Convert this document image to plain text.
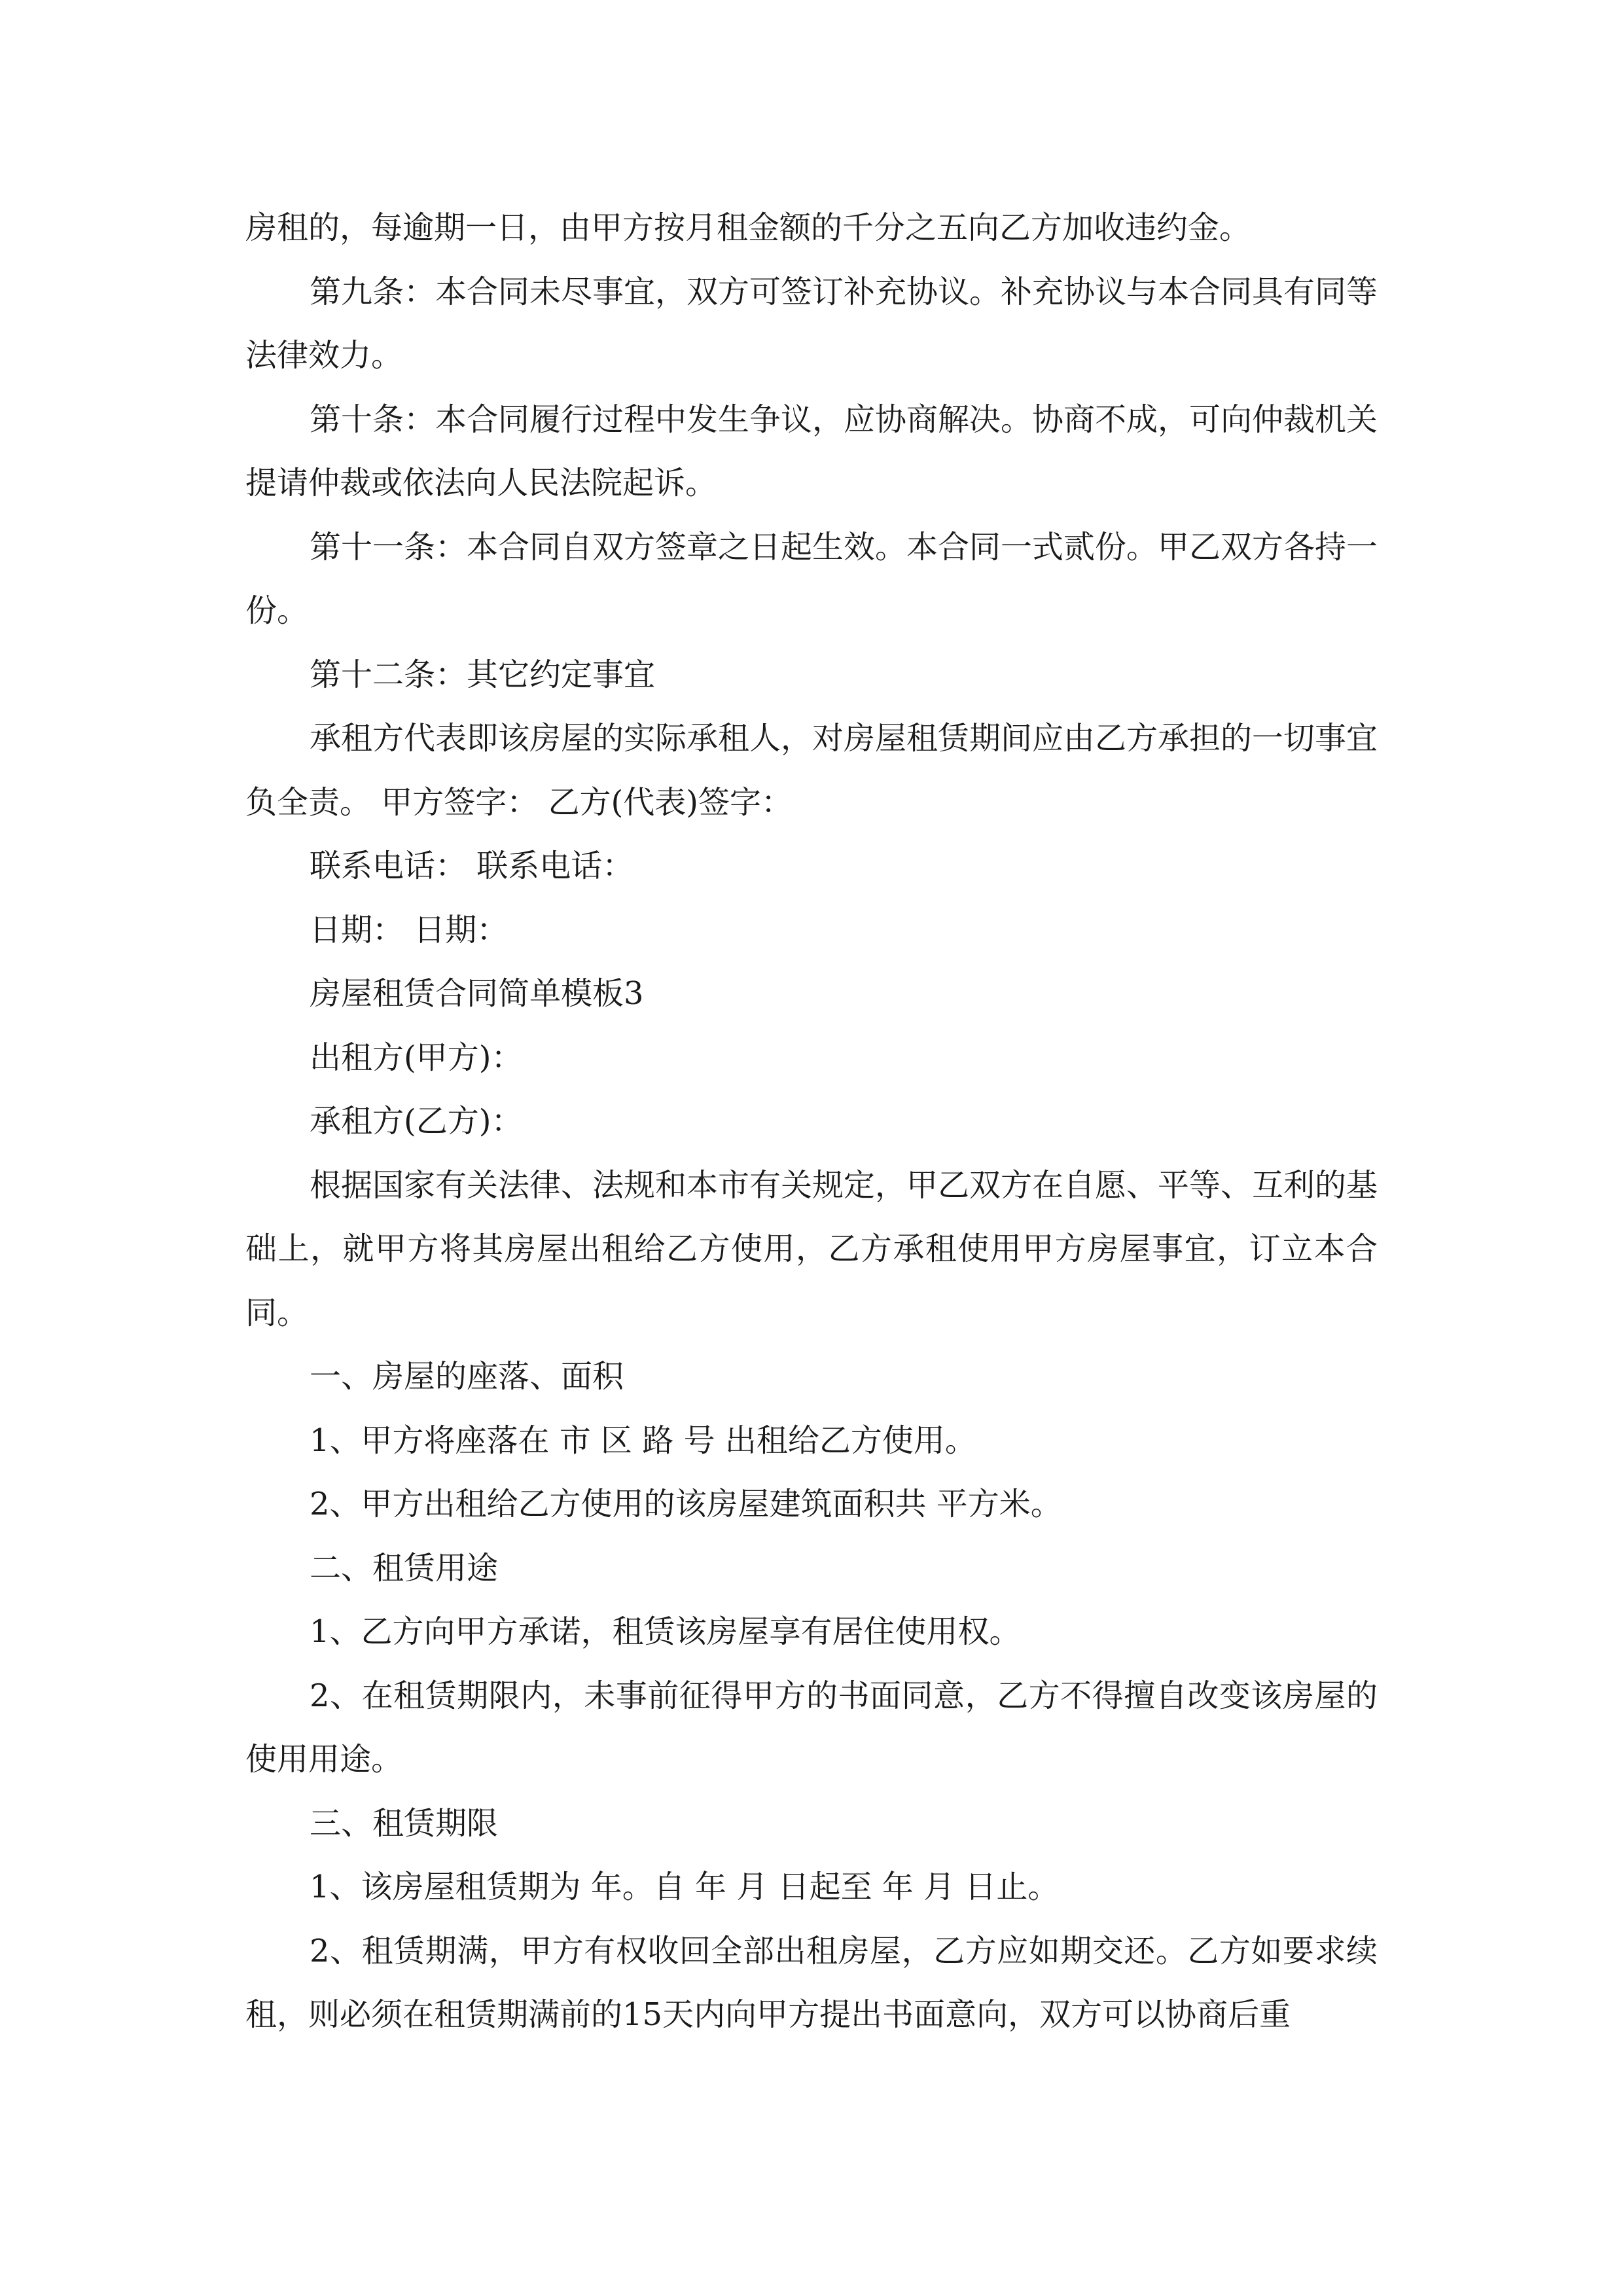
房租的，每逾期一日，由甲方按月租金额的千分之五向乙方加收违约金。

第九条：本合同未尽事宜，双方可签订补充协议。补充协议与本合同具有同等法律效力。

第十条：本合同履行过程中发生争议，应协商解决。协商不成，可向仲裁机关提请仲裁或依法向人民法院起诉。

第十一条：本合同自双方签章之日起生效。本合同一式贰份。甲乙双方各持一份。

第十二条：其它约定事宜

承租方代表即该房屋的实际承租人，对房屋租赁期间应由乙方承担的一切事宜负全责。 甲方签字： 乙方(代表)签字：

联系电话： 联系电话：

日期： 日期：

房屋租赁合同简单模板3

出租方(甲方)：

承租方(乙方)：

根据国家有关法律、法规和本市有关规定，甲乙双方在自愿、平等、互利的基础上，就甲方将其房屋出租给乙方使用，乙方承租使用甲方房屋事宜，订立本合同。

一、房屋的座落、面积

1、甲方将座落在 市 区 路 号 出租给乙方使用。

2、甲方出租给乙方使用的该房屋建筑面积共 平方米。

二、租赁用途

1、乙方向甲方承诺，租赁该房屋享有居住使用权。

2、在租赁期限内，未事前征得甲方的书面同意，乙方不得擅自改变该房屋的使用用途。

三、租赁期限

1、该房屋租赁期为 年。自 年 月 日起至 年 月 日止。

2、租赁期满，甲方有权收回全部出租房屋，乙方应如期交还。乙方如要求续租，则必须在租赁期满前的15天内向甲方提出书面意向，双方可以协商后重
